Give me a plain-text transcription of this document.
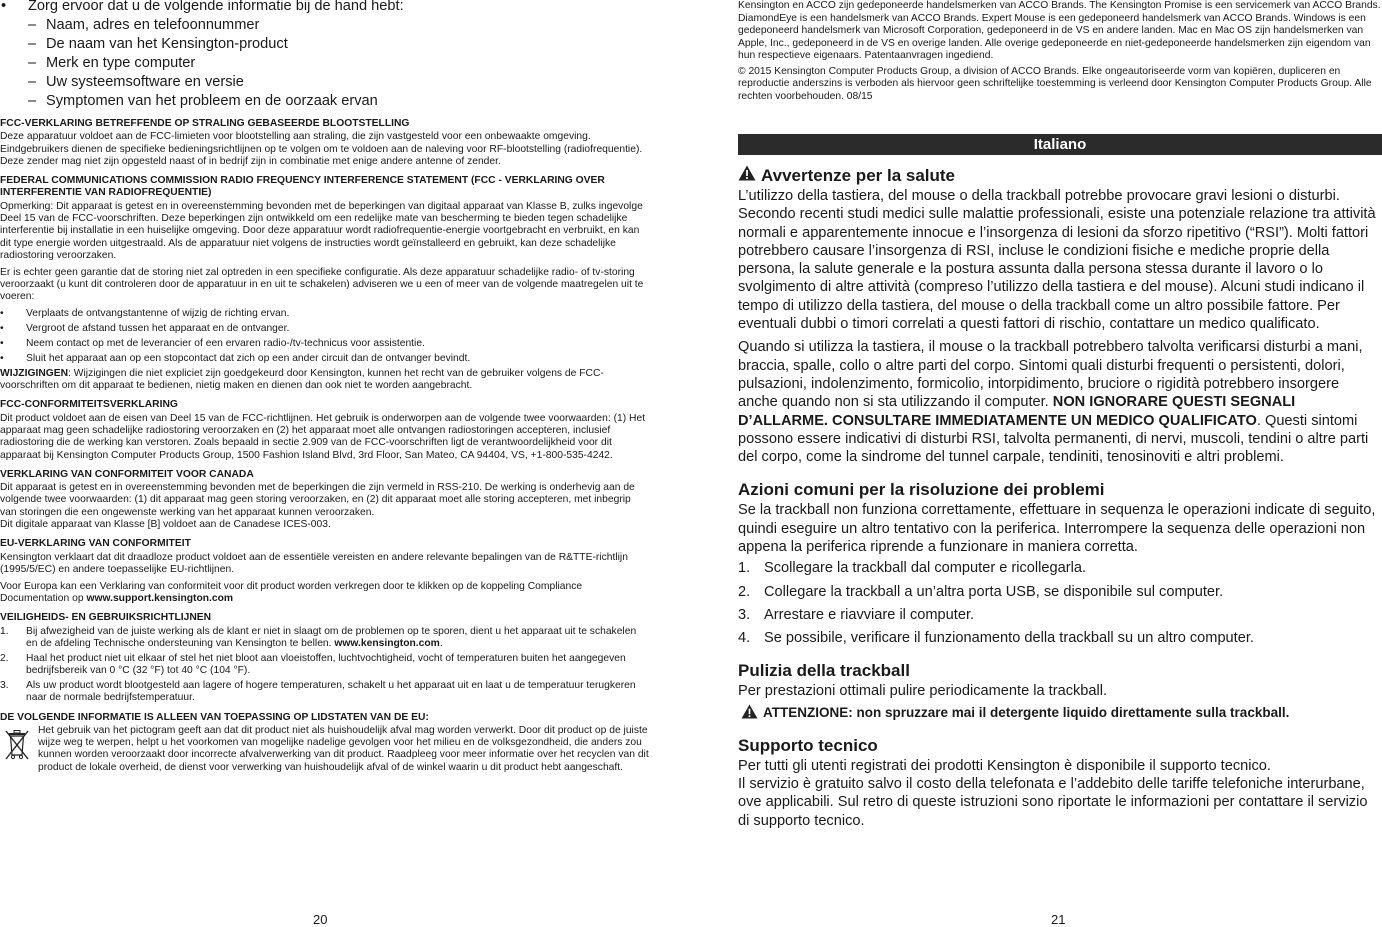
• Zorg ervoor dat u de volgende informatie bij de hand hebt:
– Naam, adres en telefoonnummer
– De naam van het Kensington-product
– Merk en type computer
– Uw systeemsoftware en versie
– Symptomen van het probleem en de oorzaak ervan
FCC-VERKLARING BETREFFENDE OP STRALING GEBASEERDE BLOOTSTELLING
Deze apparatuur voldoet aan de FCC-limieten voor blootstelling aan straling, die zijn vastgesteld voor een onbewaakte omgeving. Eindgebruikers dienen de specifieke bedieningsrichtlijnen op te volgen om te voldoen aan de naleving voor RF-blootstelling (radiofrequentie). Deze zender mag niet zijn opgesteld naast of in bedrijf zijn in combinatie met enige andere antenne of zender.
FEDERAL COMMUNICATIONS COMMISSION RADIO FREQUENCY INTERFERENCE STATEMENT (FCC - VERKLARING OVER INTERFERENTIE VAN RADIOFREQUENTIE)
Opmerking: Dit apparaat is getest en in overeenstemming bevonden met de beperkingen van digitaal apparaat van Klasse B, zulks ingevolge Deel 15 van de FCC-voorschriften. Deze beperkingen zijn ontwikkeld om een redelijke mate van bescherming te bieden tegen schadelijke interferentie bij installatie in een huiselijke omgeving. Door deze apparatuur wordt radiofrequentie-energie voortgebracht en verbruikt, en kan dit type energie worden uitgestraald. Als de apparatuur niet volgens de instructies wordt geïnstalleerd en gebruikt, kan deze schadelijke radiostoring veroorzaken.
Er is echter geen garantie dat de storing niet zal optreden in een specifieke configuratie. Als deze apparatuur schadelijke radio- of tv-storing veroorzaakt (u kunt dit controleren door de apparatuur in en uit te schakelen) adviseren we u een of meer van de volgende maatregelen uit te voeren:
•	Verplaats de ontvangstantenne of wijzig de richting ervan.
•	Vergroot de afstand tussen het apparaat en de ontvanger.
•	Neem contact op met de leverancier of een ervaren radio-/tv-technicus voor assistentie.
•	Sluit het apparaat aan op een stopcontact dat zich op een ander circuit dan de ontvanger bevindt.
WIJZIGINGEN: Wijzigingen die niet expliciet zijn goedgekeurd door Kensington, kunnen het recht van de gebruiker volgens de FCC-voorschriften om dit apparaat te bedienen, nietig maken en dienen dan ook niet te worden aangebracht.
FCC-CONFORMITEITSVERKLARING
Dit product voldoet aan de eisen van Deel 15 van de FCC-richtlijnen. Het gebruik is onderworpen aan de volgende twee voorwaarden: (1) Het apparaat mag geen schadelijke radiostoring veroorzaken en (2) het apparaat moet alle ontvangen radiostoringen accepteren, inclusief radiostoring die de werking kan verstoren. Zoals bepaald in sectie 2.909 van de FCC-voorschriften ligt de verantwoordelijkheid voor dit apparaat bij Kensington Computer Products Group, 1500 Fashion Island Blvd, 3rd Floor, San Mateo, CA 94404, VS, +1-800-535-4242.
VERKLARING VAN CONFORMITEIT VOOR CANADA
Dit apparaat is getest en in overeenstemming bevonden met de beperkingen die zijn vermeld in RSS-210. De werking is onderhevig aan de volgende twee voorwaarden: (1) dit apparaat mag geen storing veroorzaken, en (2) dit apparaat moet alle storing accepteren, met inbegrip van storingen die een ongewenste werking van het apparaat kunnen veroorzaken.
Dit digitale apparaat van Klasse [B] voldoet aan de Canadese ICES-003.
EU-VERKLARING VAN CONFORMITEIT
Kensington verklaart dat dit draadloze product voldoet aan de essentiële vereisten en andere relevante bepalingen van de R&TTE-richtlijn (1995/5/EC) en andere toepasselijke EU-richtlijnen.
Voor Europa kan een Verklaring van conformiteit voor dit product worden verkregen door te klikken op de koppeling Compliance Documentation op www.support.kensington.com
VEILIGHEIDS- EN GEBRUIKSRICHTLIJNEN
1.	Bij afwezigheid van de juiste werking als de klant er niet in slaagt om de problemen op te sporen, dient u het apparaat uit te schakelen en de afdeling Technische ondersteuning van Kensington te bellen. www.kensington.com.
2.	Haal het product niet uit elkaar of stel het niet bloot aan vloeistoffen, luchtvochtigheid, vocht of temperaturen buiten het aangegeven bedrijfsbereik van 0 °C (32 °F) tot 40 °C (104 °F).
3.	Als uw product wordt blootgesteld aan lagere of hogere temperaturen, schakelt u het apparaat uit en laat u de temperatuur terugkeren naar de normale bedrijfstemperatuur.
DE VOLGENDE INFORMATIE IS ALLEEN VAN TOEPASSING OP LIDSTATEN VAN DE EU:
Het gebruik van het pictogram geeft aan dat dit product niet als huishoudelijk afval mag worden verwerkt. Door dit product op de juiste wijze weg te werpen, helpt u het voorkomen van mogelijke nadelige gevolgen voor het milieu en de volksgezondheid, die anders zou kunnen worden veroorzaakt door incorrecte afvalverwerking van dit product. Raadpleeg voor meer informatie over het recyclen van dit product de lokale overheid, de dienst voor verwerking van huishoudelijk afval of de winkel waarin u dit product hebt aangeschaft.
20

Kensington en ACCO zijn gedeponeerde handelsmerken van ACCO Brands. The Kensington Promise is een servicemerk van ACCO Brands. DiamondEye is een handelsmerk van ACCO Brands. Expert Mouse is een gedeponeerd handelsmerk van ACCO Brands. Windows is een gedeponeerd handelsmerk van Microsoft Corporation, gedeponeerd in de VS en andere landen. Mac en Mac OS zijn handelsmerken van Apple, Inc., gedeponeerd in de VS en overige landen. Alle overige gedeponeerde en niet-gedeponeerde handelsmerken zijn eigendom van hun respectieve eigenaars. Patentaanvragen ingediend.

© 2015 Kensington Computer Products Group, a division of ACCO Brands. Elke ongeautoriseerde vorm van kopiëren, dupliceren en reproductie anderszins is verboden als hiervoor geen schriftelijke toestemming is verleend door Kensington Computer Products Group. Alle rechten voorbehouden. 08/15

Italiano
Avvertenze per la salute

L’utilizzo della tastiera, del mouse o della trackball potrebbe provocare gravi lesioni o disturbi. Secondo recenti studi medici sulle malattie professionali, esiste una potenziale relazione tra attività normali e apparentemente innocue e l’insorgenza di lesioni da sforzo ripetitivo (“RSI”). Molti fattori potrebbero causare l’insorgenza di RSI, incluse le condizioni fisiche e mediche proprie della persona, la salute generale e la postura assunta dalla persona stessa durante il lavoro o lo svolgimento di altre attività (compreso l’utilizzo della tastiera e del mouse). Alcuni studi indicano il tempo di utilizzo della tastiera, del mouse o della trackball come un altro possibile fattore. Per eventuali dubbi o timori correlati a questi fattori di rischio, contattare un medico qualificato.

Quando si utilizza la tastiera, il mouse o la trackball potrebbero talvolta verificarsi disturbi a mani, braccia, spalle, collo o altre parti del corpo. Sintomi quali disturbi frequenti o persistenti, dolori, pulsazioni, indolenzimento, formicolio, intorpidimento, bruciore o rigidità potrebbero insorgere anche quando non si sta utilizzando il computer. NON IGNORARE QUESTI SEGNALI D’ALLARME. CONSULTARE IMMEDIATAMENTE UN MEDICO QUALIFICATO. Questi sintomi possono essere indicativi di disturbi RSI, talvolta permanenti, di nervi, muscoli, tendini o altre parti del corpo, come la sindrome del tunnel carpale, tendiniti, tenosinoviti e altri problemi.

Azioni comuni per la risoluzione dei problemi

Se la trackball non funziona correttamente, effettuare in sequenza le operazioni indicate di seguito, quindi eseguire un altro tentativo con la periferica. Interrompere la sequenza delle operazioni non appena la periferica riprende a funzionare in maniera corretta.

1. Scollegare la trackball dal computer e ricollegarla.
2. Collegare la trackball a un’altra porta USB, se disponibile sul computer.
3. Arrestare e riavviare il computer.
4. Se possibile, verificare il funzionamento della trackball su un altro computer.
Pulizia della trackball

Per prestazioni ottimali pulire periodicamente la trackball.

ATTENZIONE: non spruzzare mai il detergente liquido direttamente sulla trackball.
Supporto tecnico

Per tutti gli utenti registrati dei prodotti Kensington è disponibile il supporto tecnico.

Il servizio è gratuito salvo il costo della telefonata e l’addebito delle tariffe telefoniche interurbane, ove applicabili. Sul retro di queste istruzioni sono riportate le informazioni per contattare il servizio di supporto tecnico.

21
